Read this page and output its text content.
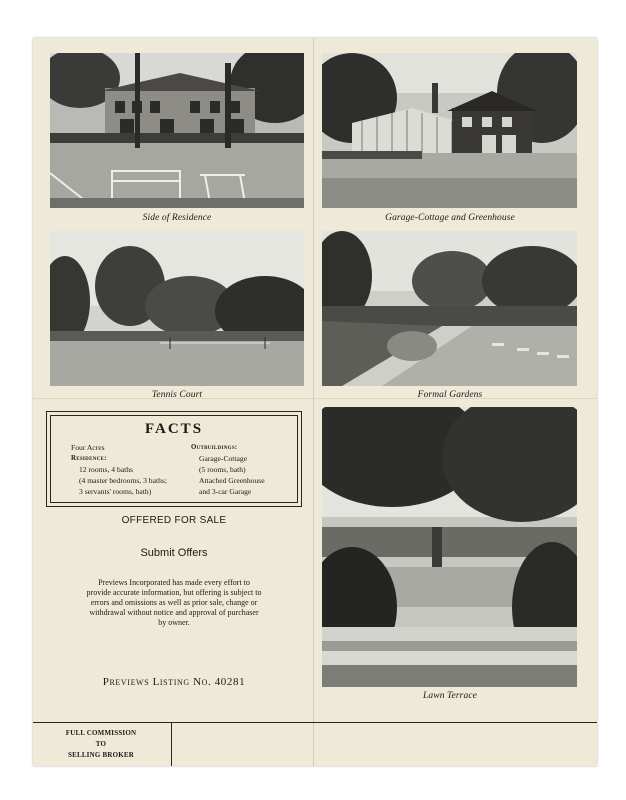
Side of Residence	Garage-Cottage and Greenhouse
Tennis Court	Formal Gardens
Lawn Terrace
FACTS
Four Acres
Residence:
12 rooms, 4 baths
(4 master bedrooms, 3 baths;
3 servants' rooms, bath)
Outbuildings:
Garage-Cottage
(5 rooms, bath)
Attached Greenhouse
and 3-car Garage
OFFERED FOR SALE
Submit Offers
Previews Incorporated has made every effort to provide accurate information, but offering is subject to errors and omissions as well as prior sale, change or withdrawal without notice and approval of purchaser by owner.
Previews Listing No. 40281
FULL COMMISSION
TO
SELLING BROKER
